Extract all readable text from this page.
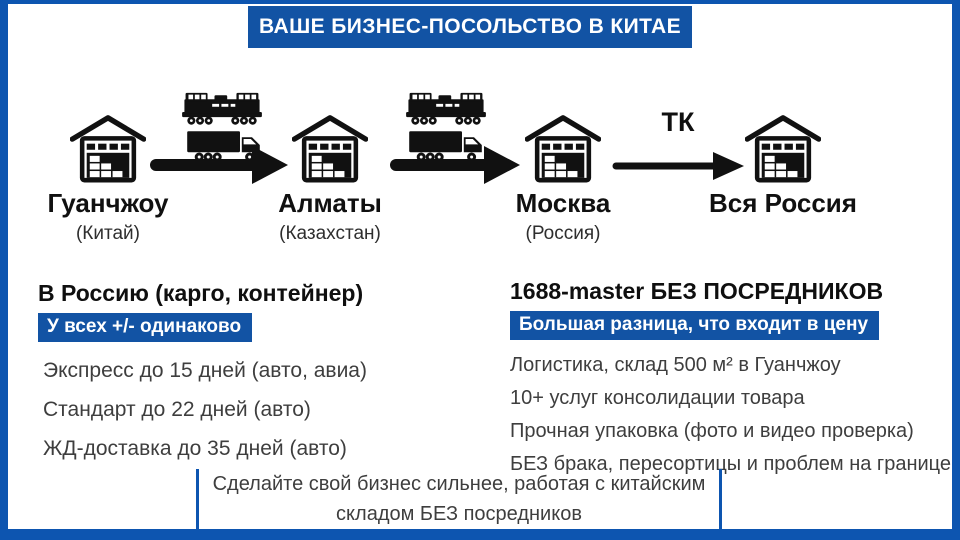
ВАШЕ БИЗНЕС-ПОСОЛЬСТВО В КИТАЕ
Гуанчжоу
(Китай)
Алматы
(Казахстан)
Москва
(Россия)
ТК
Вся Россия
В Россию (карго, контейнер)
У всех +/- одинаково
Экспресс до 15 дней (авто, авиа)
Стандарт до 22 дней (авто)
ЖД-доставка до 35 дней (авто)
1688-master БЕЗ ПОСРЕДНИКОВ
Большая разница, что входит в цену
Логистика, склад 500 м² в Гуанчжоу
10+ услуг консолидации товара
Прочная упаковка (фото и видео проверка)
БЕЗ брака, пересортицы и проблем на границе
Сделайте свой бизнес сильнее, работая с китайским складом БЕЗ посредников
